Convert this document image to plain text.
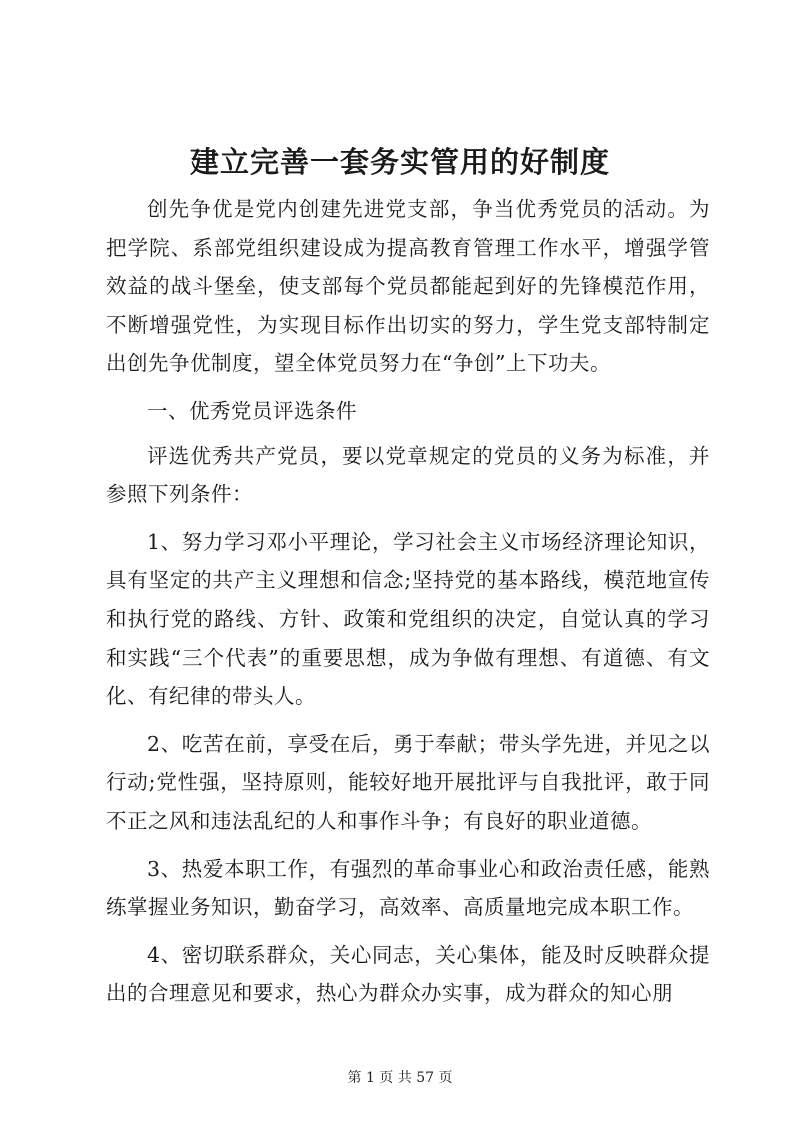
建立完善一套务实管用的好制度

创先争优是党内创建先进党支部，争当优秀党员的活动。为把学院、系部党组织建设成为提高教育管理工作水平，增强学管效益的战斗堡垒，使支部每个党员都能起到好的先锋模范作用，不断增强党性，为实现目标作出切实的努力，学生党支部特制定出创先争优制度，望全体党员努力在“争创”上下功夫。

一、优秀党员评选条件

评选优秀共产党员，要以党章规定的党员的义务为标准，并参照下列条件：

1、努力学习邓小平理论，学习社会主义市场经济理论知识，具有坚定的共产主义理想和信念;坚持党的基本路线，模范地宣传和执行党的路线、方针、政策和党组织的决定，自觉认真的学习和实践“三个代表”的重要思想，成为争做有理想、有道德、有文化、有纪律的带头人。

2、吃苦在前，享受在后，勇于奉献；带头学先进，并见之以行动;党性强，坚持原则，能较好地开展批评与自我批评，敢于同不正之风和违法乱纪的人和事作斗争；有良好的职业道德。

3、热爱本职工作，有强烈的革命事业心和政治责任感，能熟练掌握业务知识，勤奋学习，高效率、高质量地完成本职工作。

4、密切联系群众，关心同志，关心集体，能及时反映群众提出的合理意见和要求，热心为群众办实事，成为群众的知心朋

第 1 页 共 57 页
